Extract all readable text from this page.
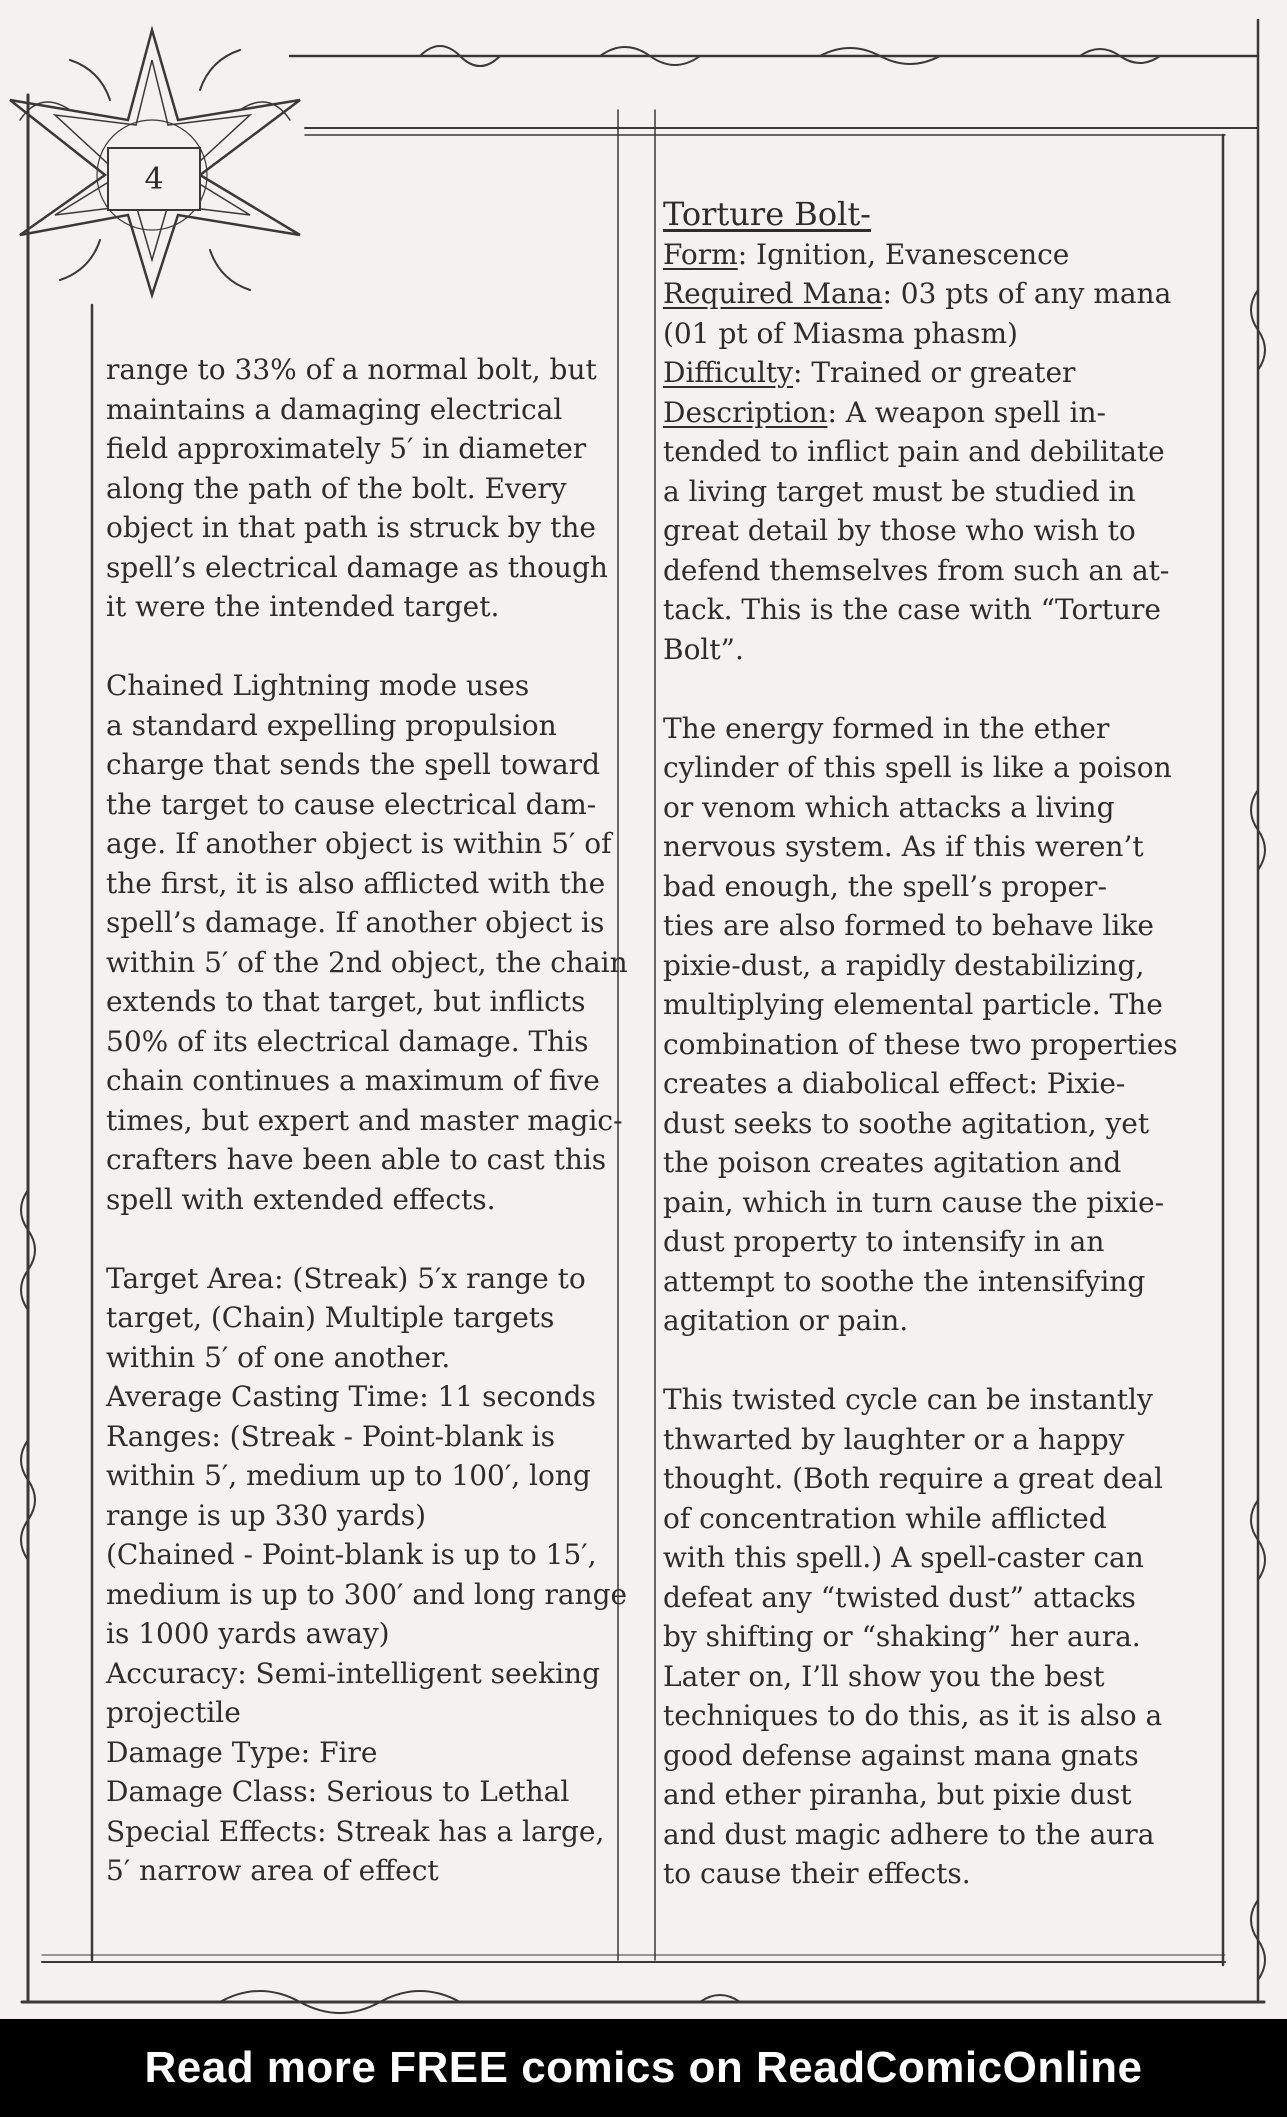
4
range to 33% of a normal bolt, but
maintains a damaging electrical
field approximately 5′ in diameter
along the path of the bolt. Every
object in that path is struck by the
spell’s electrical damage as though
it were the intended target.
Chained Lightning mode uses
a standard expelling propulsion
charge that sends the spell toward
the target to cause electrical dam-
age. If another object is within 5′ of
the first, it is also afflicted with the
spell’s damage. If another object is
within 5′ of the 2nd object, the chain
extends to that target, but inflicts
50% of its electrical damage. This
chain continues a maximum of five
times, but expert and master magic-
crafters have been able to cast this
spell with extended effects.
Target Area: (Streak) 5′x range to
target, (Chain) Multiple targets
within 5′ of one another.
Average Casting Time: 11 seconds
Ranges: (Streak - Point-blank is
within 5′, medium up to 100′, long
range is up 330 yards)
(Chained - Point-blank is up to 15′,
medium is up to 300′ and long range
is 1000 yards away)
Accuracy: Semi-intelligent seeking
projectile
Damage Type: Fire
Damage Class: Serious to Lethal
Special Effects: Streak has a large,
5′ narrow area of effect
Torture Bolt-
Form: Ignition, Evanescence
Required Mana: 03 pts of any mana
(01 pt of Miasma phasm)
Difficulty: Trained or greater
Description: A weapon spell in-
tended to inflict pain and debilitate
a living target must be studied in
great detail by those who wish to
defend themselves from such an at-
tack. This is the case with “Torture
Bolt”.
The energy formed in the ether
cylinder of this spell is like a poison
or venom which attacks a living
nervous system. As if this weren’t
bad enough, the spell’s proper-
ties are also formed to behave like
pixie-dust, a rapidly destabilizing,
multiplying elemental particle. The
combination of these two properties
creates a diabolical effect: Pixie-
dust seeks to soothe agitation, yet
the poison creates agitation and
pain, which in turn cause the pixie-
dust property to intensify in an
attempt to soothe the intensifying
agitation or pain.
This twisted cycle can be instantly
thwarted by laughter or a happy
thought. (Both require a great deal
of concentration while afflicted
with this spell.) A spell-caster can
defeat any “twisted dust” attacks
by shifting or “shaking” her aura.
Later on, I’ll show you the best
techniques to do this, as it is also a
good defense against mana gnats
and ether piranha, but pixie dust
and dust magic adhere to the aura
to cause their effects.
Read more FREE comics on ReadComicOnline
